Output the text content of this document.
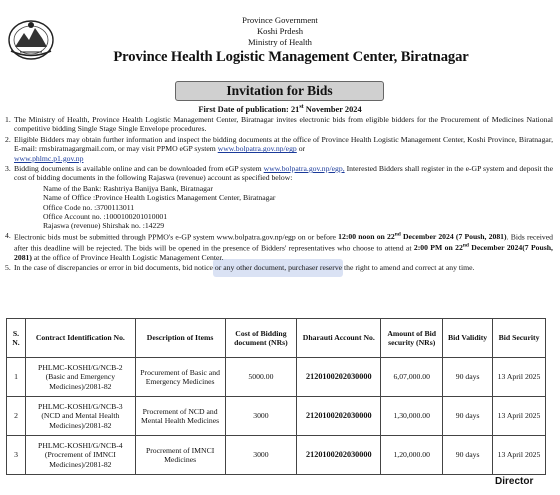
Province Government
Koshi Prdesh
Ministry of Health
Province Health Logistic Management Center, Biratnagar
Invitation for Bids
First Date of publication: 21st November 2024
1. The Ministry of Health, Province Health Logistic Management Center, Biratnagar invites electronic bids from eligible bidders for the Procurement of Medicines National competitive bidding Single Stage Single Envelope procedures.
2. Eligible Bidders may obtain further information and inspect the bidding documents at the office of Province Health Logistic Management Center, Koshi Province, Biratnagar, E-mail: rmsbiratnagargmail.com, or may visit PPMO eGP system www.bolpatra.gov.np/egp or
www.phlmc.p1.gov.np
3. Bidding documents is available online and can be downloaded from eGP system www.bolpatra.gov.np/egp, Interested Bidders shall register in the e-GP system and deposit the cost of bidding documents in the following Rajaswa (revenue) account as specified below:
Name of the Bank: Rashtriya Banijya Bank, Biratnagar
Name of Office :Province Health Logistics Management Center, Biratnagar
Office Code no. :3700113011
Office Account no. :1000100201010001
Rajaswa (revenue) Shirshak no. :14229
4. Electronic bids must be submitted through PPMO's e-GP system www.bolpatra.gov.np/egp on or before 12:00 noon on 22nd December 2024 (7 Poush, 2081). Bids received after this deadline will be rejected. The bids will be opened in the presence of Bidders' representatives who choose to attend at 2:00 PM on 22nd December 2024(7 Poush, 2081) at the office of Province Health Logistic Management Center.
5. In the case of discrepancies or error in bid documents, bid notice or any other document, purchaser reserve the right to amend and correct at any time.
S. N.	Contract Identification No.	Description of Items	Cost of Bidding document (NRs)	Dharauti Account No.	Amount of Bid security (NRs)	Bid Validity	Bid Security
1	PHLMC-KOSHI/G/NCB-2 (Basic and Emergency Medicines)/2081-82	Procurement of Basic and Emergency Medicines	5000.00	2120100202030000	6,07,000.00	90 days	13 April 2025
2	PHLMC-KOSHI/G/NCB-3 (NCD and Mental Health Medicines)/2081-82	Procrement of NCD and Mental Health Medicines	3000	2120100202030000	1,30,000.00	90 days	13 April 2025
3	PHLMC-KOSHI/G/NCB-4 (Procrement of IMNCI Medicines)/2081-82	Procrement of IMNCI Medicines	3000	2120100202030000	1,20,000.00	90 days	13 April 2025
Director
